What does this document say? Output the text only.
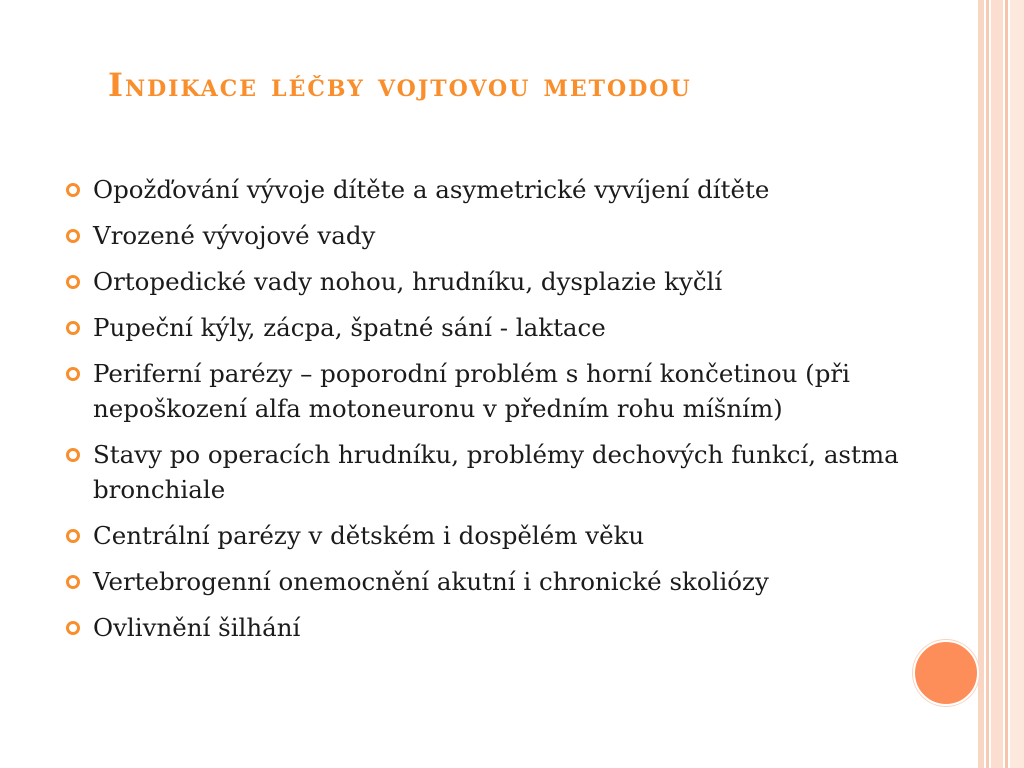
Indikace léčby vojtovou metodou
Opožďování vývoje dítěte a asymetrické vyvíjení dítěte
Vrozené vývojové vady
Ortopedické vady nohou, hrudníku, dysplazie kyčlí
Pupeční kýly, zácpa, špatné sání - laktace
Periferní parézy – poporodní problém s horní končetinou (při nepoškození alfa motoneuronu v předním rohu míšním)
Stavy po operacích hrudníku, problémy dechových funkcí, astma bronchiale
Centrální parézy v dětském i dospělém věku
Vertebrogenní onemocnění akutní i chronické skoliózy
Ovlivnění šilhání
